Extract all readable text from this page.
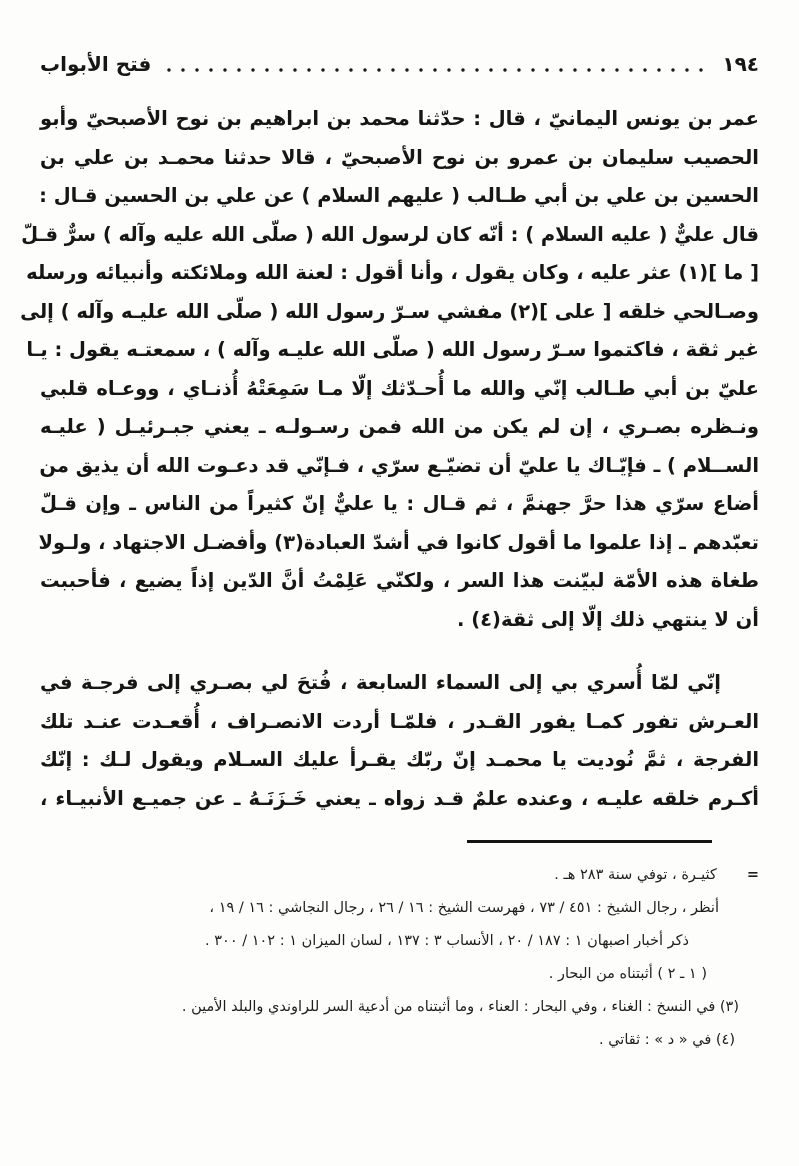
١٩٤
فتح الأبواب
عمر بن يونس اليمانيّ ، قال : حدّثنا محمد بن ابراهيم بن نوح الأصبحيّ وأبو
الحصيب سليمان بن عمرو بن نوح الأصبحيّ ، قالا حدثنا محمـد بن علي بن
الحسين بن علي بن أبي طـالب ( عليهم السلام ) عن علي بن الحسين قـال :
قال عليٌّ ( عليه السلام ) : أنّه كان لرسول الله ( صلّى الله عليه وآله ) سرٌّ قـلّ
[ ما ](١) عثر عليه ، وكان يقول ، وأنا أقول : لعنة الله وملائكته وأنبيائه ورسله
وصـالحي خلقه [ على ](٢) مفشي سـرّ رسول الله ( صلّى الله عليـه وآله ) إلى
غير ثقة ، فاكتموا سـرّ رسول الله ( صلّى الله عليـه وآله ) ، سمعتـه يقول : يـا
عليّ بن أبي طـالب إنّي والله ما أُحـدّثك إلّا مـا سَمِعَتْهُ أُذنـاي ، ووعـاه قلبي
ونـظره بصـري ، إن لم يكن من الله فمن رسـولـه ـ يعني جبـرئيـل ( عليـه
الســلام ) ـ فإيّـاك يا عليّ أن تضيّـع سرّي ، فـإنّي قد دعـوت الله أن يذيق من
أضاع سرّي هذا حرَّ جهنمَّ ، ثم قـال : يا عليٌّ إنّ كثيراً من الناس ـ وإن قـلّ
تعبّدهم ـ إذا علموا ما أقول كانوا في أشدّ العبادة(٣) وأفضـل الاجتهاد ، ولـولا
طغاة هذه الأمّة لبيّنت هذا السر ، ولكنّي عَلِمْتُ أنَّ الدّين إذاً يضيع ، فأحببت
أن لا ينتهي ذلك إلّا إلى ثقة(٤) .
إنّي لمّا أُسري بي إلى السماء السابعة ، فُتحَ لي بصـري إلى فرجـة في
العـرش تفور كمـا يفور القـدر ، فلمّـا أردت الانصـراف ، أُقعـدت عنـد تلك
الفرجة ، ثمَّ نُوديت يا محمـد إنّ ربّك يقـرأ عليك السـلام ويقول لـك : إنّك
أكـرم خلقه عليـه ، وعنده علمٌ قـد زواه ـ يعني خَـزَنَـهُ ـ عن جميـع الأنبيـاء ،
=
كثيـرة ، توفي سنة ٢٨٣ هـ .
أنظر ، رجال الشيخ : ٤٥١ / ٧٣ ، فهرست الشيخ : ١٦ / ٢٦ ، رجال النجاشي : ١٦ / ١٩ ،
ذكر أخبار اصبهان ١ : ١٨٧ / ٢٠ ، الأنساب ٣ : ١٣٧ ، لسان الميزان ١ : ١٠٢ / ٣٠٠ .
( ١ ـ ٢ ) أثبتناه من البحار .
(٣) في النسخ : الغناء ، وفي البحار : العناء ، وما أثبتناه من أدعية السر للراوندي والبلد الأمين .
(٤) في « د » : ثقاتي .
